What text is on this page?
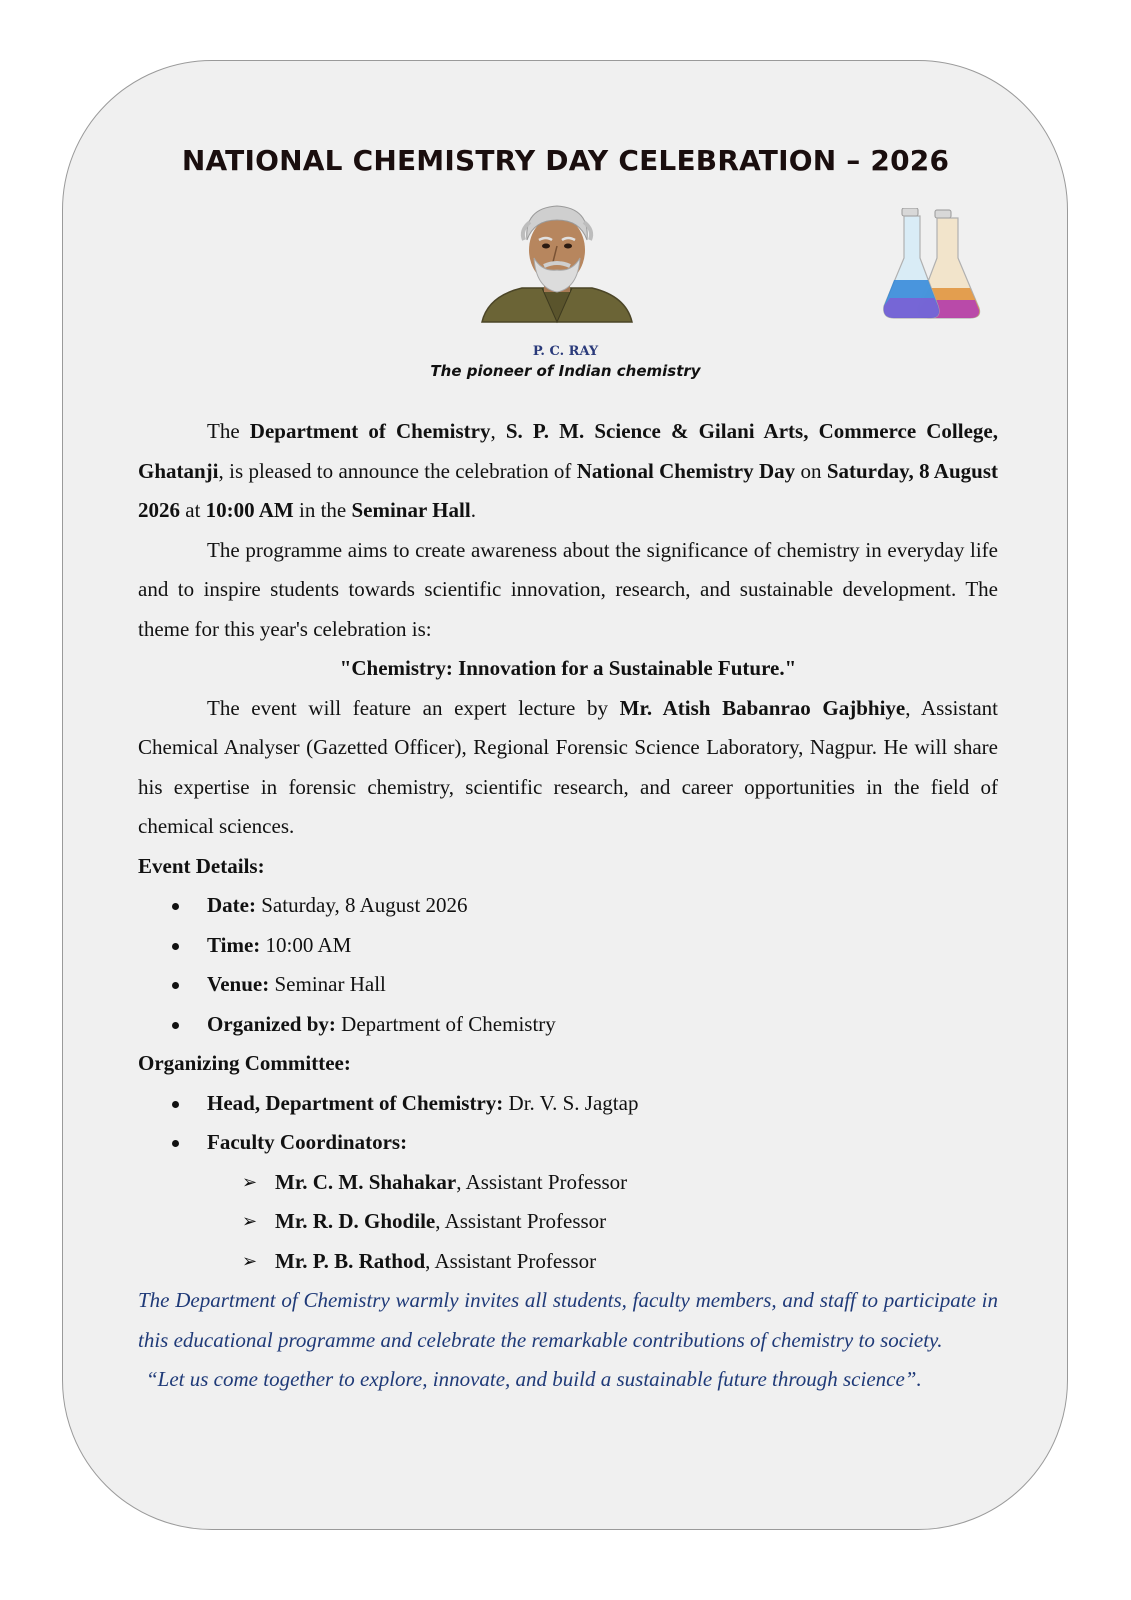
NATIONAL CHEMISTRY DAY CELEBRATION – 2026
P. C. RAY
The pioneer of Indian chemistry

The Department of Chemistry, S. P. M. Science & Gilani Arts, Commerce College, Ghatanji, is pleased to announce the celebration of National Chemistry Day on Saturday, 8 August 2026 at 10:00 AM in the Seminar Hall.

The programme aims to create awareness about the significance of chemistry in everyday life and to inspire students towards scientific innovation, research, and sustainable development. The theme for this year's celebration is:

"Chemistry: Innovation for a Sustainable Future."

The event will feature an expert lecture by Mr. Atish Babanrao Gajbhiye, Assistant Chemical Analyser (Gazetted Officer), Regional Forensic Science Laboratory, Nagpur. He will share his expertise in forensic chemistry, scientific research, and career opportunities in the field of chemical sciences.

Event Details:
Date: Saturday, 8 August 2026
Time: 10:00 AM
Venue: Seminar Hall
Organized by: Department of Chemistry
Organizing Committee:
Head, Department of Chemistry: Dr. V. S. Jagtap
Faculty Coordinators:
➢ Mr. C. M. Shahakar, Assistant Professor
➢ Mr. R. D. Ghodile, Assistant Professor
➢ Mr. P. B. Rathod, Assistant Professor

The Department of Chemistry warmly invites all students, faculty members, and staff to participate in this educational programme and celebrate the remarkable contributions of chemistry to society.

“Let us come together to explore, innovate, and build a sustainable future through science”.
